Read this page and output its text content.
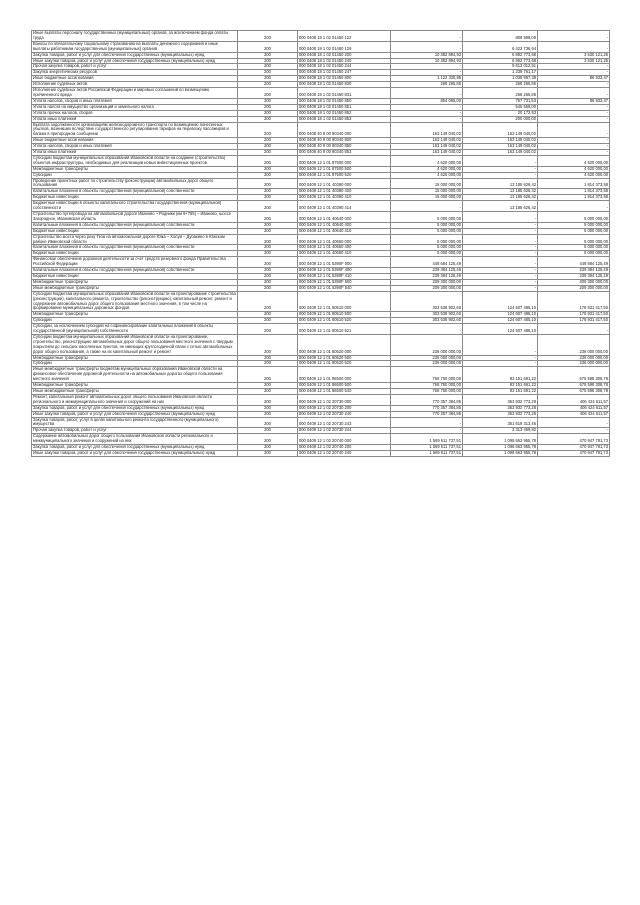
Иные выплаты персоналу государственных (муниципальных) органов, за исключением фонда оплаты труда	200	000 0408 18 1 02 01450 122	-	809 598,09	-
Взносы по обязательному социальному страхованию на выплаты денежного содержания и иные выплаты работникам государственных (муниципальных) органов	200	000 0408 18 1 02 01450 129	-	6 423 736,64	-
Закупка товаров, работ и услуг для обеспечения государственных (муниципальных) нужд	200	000 0408 18 1 02 01450 200	10 382 894,93	6 892 773,68	3 530 121,25
Иные закупки товаров, работ и услуг для обеспечения государственных (муниципальных) нужд	200	000 0408 18 1 02 01450 240	10 382 894,93	6 852 773,68	3 530 121,25
Прочая закупка товаров, работ и услуг	200	000 0408 18 1 02 01450 244	-	5 613 012,51	-
Закупка энергетических ресурсов	200	000 0408 18 1 02 01450 247	-	1 239 761,17	-
Иные бюджетные ассигнования	200	000 0408 18 1 02 01450 800	1 122 330,85	1 035 997,38	86 933,47
Исполнение судебных актов	200	000 0408 18 1 02 01450 830	268 265,85	268 265,85	-
Исполнение судебных актов Российской Федерации и мировых соглашений по возмещению причиненного вреда	200	000 0408 18 1 02 01450 831	-	268 265,85	-
Уплата налогов, сборов и иных платежей	200	000 0408 18 1 02 01450 850	854 065,00	767 731,53	86 933,47
Уплата налога на имущество организаций и земельного налога	200	000 0408 18 1 02 01450 851	-	545 559,00	-
Уплата прочих налогов, сборов	200	000 0408 18 1 02 01450 852	-	20 172,53	-
Уплата иных платежей	200	000 0408 18 1 02 01450 853	-	200 000,00	-
Выплата задолженности организациям железнодорожного транспорта по возмещению понесенных убытков, возникших вследствие государственного регулирования тарифов на перевозку пассажиров и багажа в пригородном сообщении	200	000 0408 40 9 00 90340 000	163 149 040,02	163 149 040,02	-
Иные бюджетные ассигнования	200	000 0408 40 9 00 90340 800	163 149 040,02	163 149 040,02	-
Уплата налогов, сборов и иных платежей	200	000 0408 40 9 00 90340 850	163 149 040,02	163 149 040,02	-
Уплата иных платежей	200	000 0408 40 9 00 90340 853	163 149 040,02	163 149 040,02	-
Субсидии бюджетам муниципальных образований Ивановской области на создание (строительство) объектов инфраструктуры, необходимых для реализации новых инвестиционных проектов	200	000 0409 12 1 01 87500 000	4 620 000,00	-	4 620 000,00
Межбюджетные трансферты	200	000 0409 12 1 01 87500 500	4 620 000,00	-	4 620 000,00
Субсидии	200	000 0409 12 1 01 87500 520	4 620 000,00	-	4 620 000,00
Проведение проектных работ по строительству (реконструкции) автомобильных дорог общего пользования	200	000 0409 12 1 01 40390 000	15 000 000,00	13 185 626,42	1 814 373,58
Капитальные вложения в объекты государственной (муниципальной) собственности	200	000 0409 12 1 01 40390 400	15 000 000,00	13 185 626,42	1 814 373,58
Бюджетные инвестиции	200	000 0409 12 1 01 40390 410	15 000 000,00	13 185 626,42	1 814 373,58
Бюджетные инвестиции в объекты капитального строительства государственной (муниципальной) собственности	200	000 0409 12 1 01 40390 414	-	13 185 626,42	-
Строительство путепровода на автомобильной дороге Иваново – Родники (км 9+765) – Иваново, шоссе Загородное, Ивановская область	200	000 0409 12 1 01 40640 000	5 000 000,00	-	5 000 000,00
Капитальные вложения в объекты государственной (муниципальной) собственности	200	000 0409 12 1 01 40640 400	5 000 000,00	-	5 000 000,00
Бюджетные инвестиции	200	000 0409 12 1 01 40640 410	5 000 000,00	-	5 000 000,00
Строительство моста через реку Теза на автомобильной дороге Южа – Холуй – Дубакино в Южском районе Ивановской области	200	000 0409 12 1 01 40650 000	5 000 000,00	-	5 000 000,00
Капитальные вложения в объекты государственной (муниципальной) собственности	200	000 0409 12 1 01 40650 400	5 000 000,00	-	5 000 000,00
Бюджетные инвестиции	200	000 0409 12 1 01 40650 410	5 000 000,00	-	5 000 000,00
Финансовое обеспечение дорожной деятельности за счет средств резервного фонда Правительства Российской Федерации	200	000 0409 12 1 01 5390F 000	448 684 125,49	-	448 684 125,49
Капитальные вложения в объекты государственной (муниципальной) собственности	200	000 0409 12 1 01 5390F 400	239 384 125,49	-	239 384 125,49
Бюджетные инвестиции	200	000 0409 12 1 01 5390F 410	239 384 125,49	-	239 384 125,49
Межбюджетные трансферты	200	000 0409 12 1 01 5390F 500	209 300 000,00	-	209 300 000,00
Иные межбюджетные трансферты	200	000 0409 12 1 01 5390F 540	209 300 000,00	-	209 300 000,00
Субсидии бюджетам муниципальных образований Ивановской области на проектирование строительства (реконструкции), капитального ремонта, строительство (реконструкцию), капитальный ремонт, ремонт и содержание автомобильных дорог общего пользования местного значения, в том числе на формирование муниципальных дорожных фондов	200	000 0409 12 1 01 80510 000	303 538 902,60	124 607 485,10	178 931 417,50
Межбюджетные трансферты	200	000 0409 12 1 01 80510 500	303 538 902,60	124 607 485,10	178 931 417,50
Субсидии	200	000 0409 12 1 01 80510 520	303 538 902,60	124 607 485,10	178 931 417,50
Субсидии, за исключением субсидий на софинансирование капитальных вложений в объекты государственной (муниципальной) собственности	200	000 0409 12 1 01 80510 521	-	124 607 485,10	-
Субсидии бюджетам муниципальных образований Ивановской области на проектирование, строительство, реконструкцию автомобильных дорог общего пользования местного значения с твердым покрытием до сельских населенных пунктов, не имеющих круглогодичной связи с сетью автомобильных дорог общего пользования, а также на их капитальный ремонт и ремонт	200	000 0409 12 1 01 80520 000	236 000 000,00	-	236 000 000,00
Межбюджетные трансферты	200	000 0409 12 1 01 80520 500	236 000 000,00	-	236 000 000,00
Субсидии	200	000 0409 12 1 01 80520 520	236 000 000,00	-	236 000 000,00
Иные межбюджетные трансферты бюджетам муниципальных образований Ивановской области на финансовое обеспечение дорожной деятельности на автомобильных дорогах общего пользования местного значения	200	000 0409 12 1 01 86500 000	768 750 000,00	93 151 691,22	675 598 308,78
Межбюджетные трансферты	200	000 0409 12 1 01 86500 500	768 750 000,00	93 151 691,22	675 598 308,78
Иные межбюджетные трансферты	200	000 0409 12 1 01 86500 540	768 750 000,00	93 151 691,22	675 598 308,78
Ремонт, капитальный ремонт автомобильных дорог общего пользования Ивановской области регионального и межмуниципального значения и сооружений на них	200	000 0409 12 1 02 20730 000	770 357 384,85	363 932 773,28	406 424 611,57
Закупка товаров, работ и услуг для обеспечения государственных (муниципальных) нужд	200	000 0409 12 1 02 20730 200	770 357 384,85	363 932 773,28	406 424 611,57
Иные закупки товаров, работ и услуг для обеспечения государственных (муниципальных) нужд	200	000 0409 12 1 02 20730 240	770 357 384,85	363 932 773,28	406 424 611,57
Закупка товаров, работ, услуг в целях капитального ремонта государственного (муниципального) имущества	200	000 0409 12 1 02 20730 243	-	361 619 313,46	-
Прочая закупка товаров, работ и услуг	200	000 0409 12 1 02 20730 244	-	2 313 459,82	-
Содержание автомобильных дорог общего пользования Ивановской области регионального и межмуниципального значения и сооружений на них	200	000 0409 12 1 02 20740 000	1 569 611 737,51	1 098 663 955,78	470 947 781,73
Закупка товаров, работ и услуг для обеспечения государственных (муниципальных) нужд	200	000 0409 12 1 02 20740 200	1 569 611 737,51	1 098 663 955,78	470 947 781,73
Иные закупки товаров, работ и услуг для обеспечения государственных (муниципальных) нужд	200	000 0409 12 1 02 20740 240	1 569 611 737,51	1 098 663 955,78	470 947 781,73
